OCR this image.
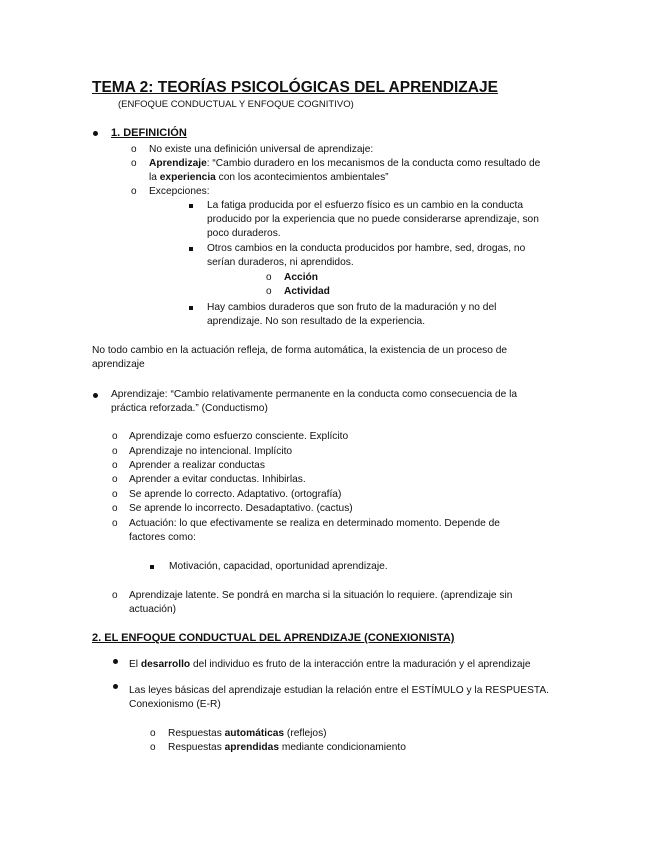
TEMA 2: TEORÍAS PSICOLÓGICAS DEL APRENDIZAJE
(ENFOQUE CONDUCTUAL Y ENFOQUE COGNITIVO)
1. DEFINICIÓN
o No existe una definición universal de aprendizaje:
o Aprendizaje: “Cambio duradero en los mecanismos de la conducta como resultado de
la experiencia con los acontecimientos ambientales”
o Excepciones:
La fatiga producida por el esfuerzo físico es un cambio en la conducta
producido por la experiencia que no puede considerarse aprendizaje, son
poco duraderos.
Otros cambios en la conducta producidos por hambre, sed, drogas, no
serían duraderos, ni aprendidos.
o Acción
o Actividad
Hay cambios duraderos que son fruto de la maduración y no del
aprendizaje. No son resultado de la experiencia.
No todo cambio en la actuación refleja, de forma automática, la existencia de un proceso de
aprendizaje
Aprendizaje: “Cambio relativamente permanente en la conducta como consecuencia de la
práctica reforzada.” (Conductismo)
o Aprendizaje como esfuerzo consciente. Explícito
o Aprendizaje no intencional. Implícito
o Aprender a realizar conductas
o Aprender a evitar conductas. Inhibirlas.
o Se aprende lo correcto. Adaptativo. (ortografía)
o Se aprende lo incorrecto. Desadaptativo. (cactus)
o Actuación: lo que efectivamente se realiza en determinado momento. Depende de
factores como:
Motivación, capacidad, oportunidad aprendizaje.
o Aprendizaje latente. Se pondrá en marcha si la situación lo requiere. (aprendizaje sin
actuación)
2. EL ENFOQUE CONDUCTUAL DEL APRENDIZAJE (CONEXIONISTA)
El desarrollo del individuo es fruto de la interacción entre la maduración y el aprendizaje
Las leyes básicas del aprendizaje estudian la relación entre el ESTÍMULO y la RESPUESTA.
Conexionismo (E-R)
o Respuestas automáticas (reflejos)
o Respuestas aprendidas mediante condicionamiento
